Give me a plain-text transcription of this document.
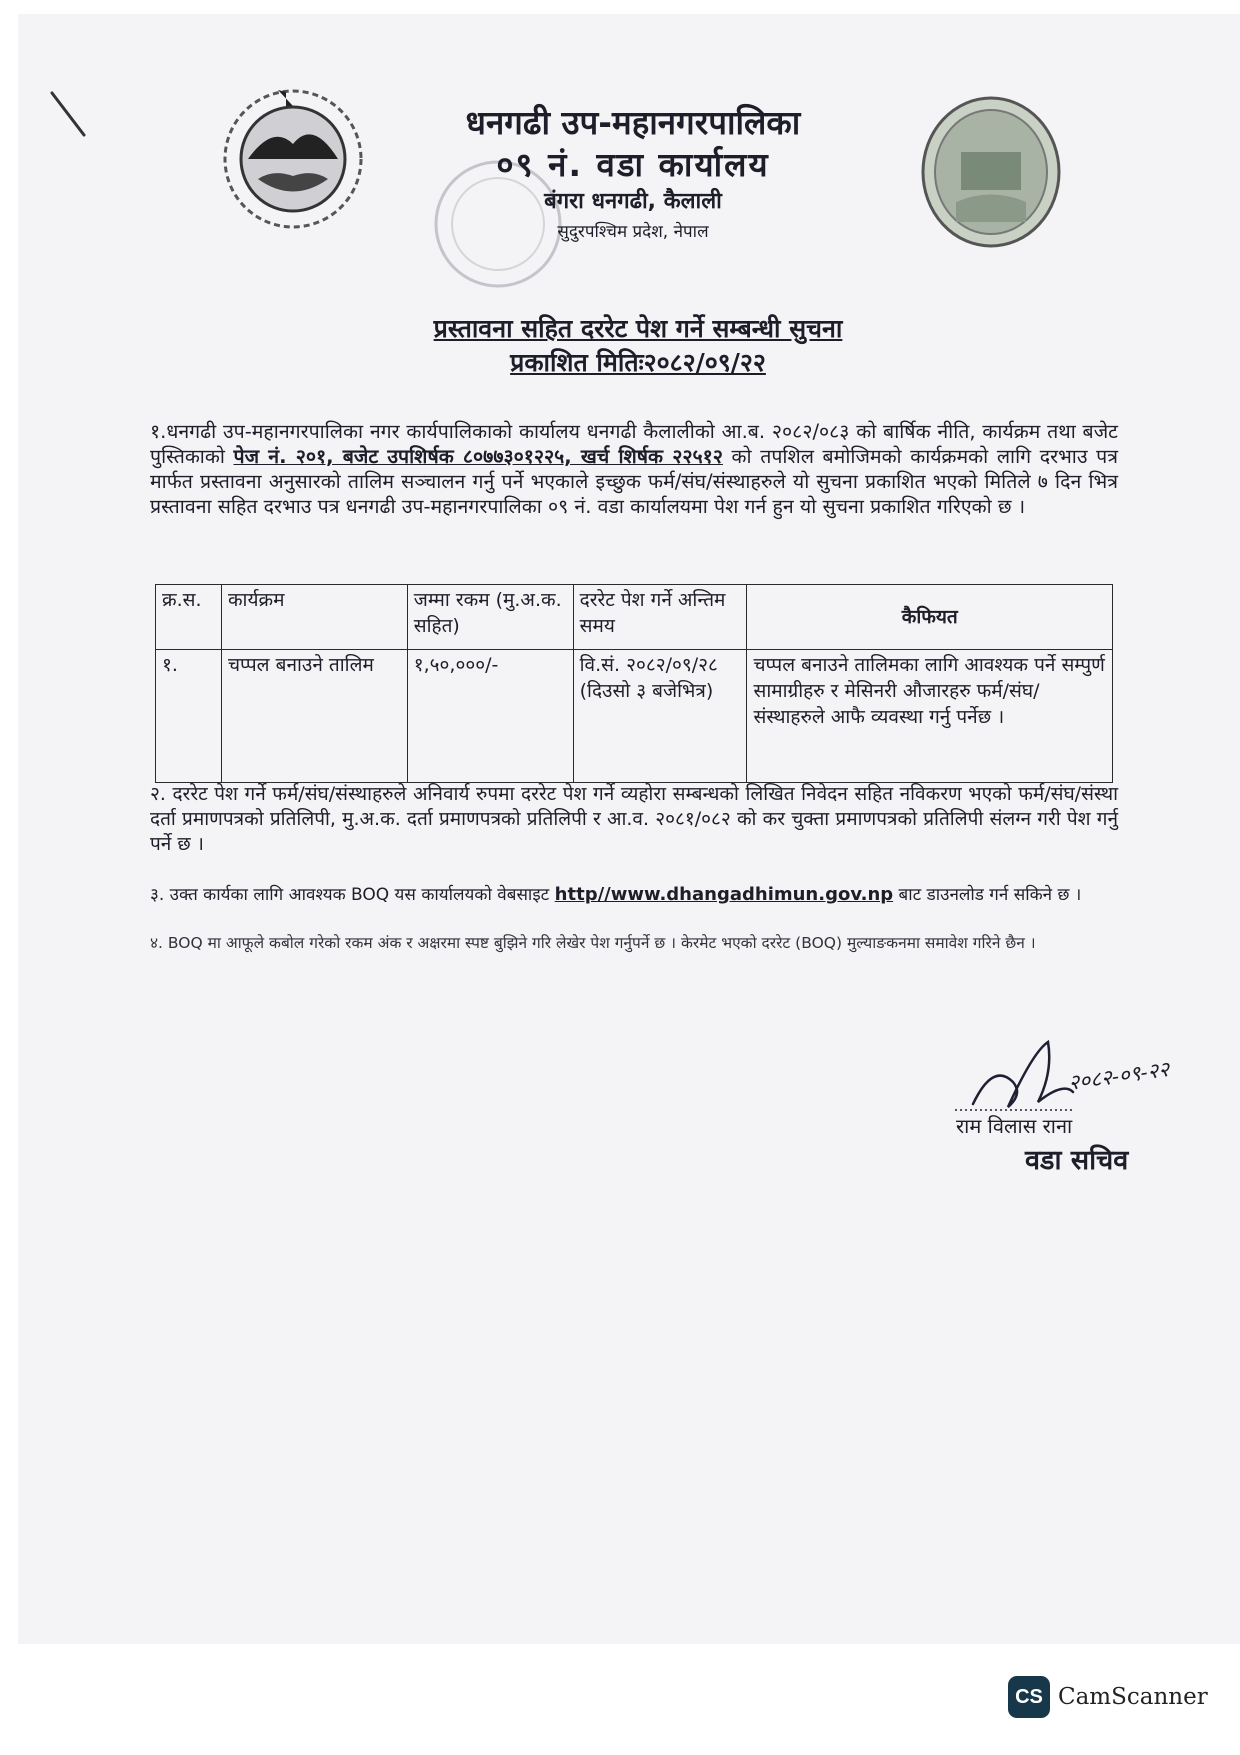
धनगढी उप-महानगरपालिका
०९ नं. वडा कार्यालय
बंगरा धनगढी, कैलाली
सुदुरपश्चिम प्रदेश, नेपाल
प्रस्तावना सहित दररेट पेश गर्ने सम्बन्धी सुचना
प्रकाशित मितिः२०८२/०९/२२
१.धनगढी उप-महानगरपालिका नगर कार्यपालिकाको कार्यालय धनगढी कैलालीको आ.ब. २०८२/०८३ को बार्षिक नीति, कार्यक्रम तथा बजेट पुस्तिकाको पेज नं. २०१, बजेट उपशिर्षक ८०७७३०१२२५, खर्च शिर्षक २२५१२ को तपशिल बमोजिमको कार्यक्रमको लागि दरभाउ पत्र मार्फत प्रस्तावना अनुसारको तालिम सञ्चालन गर्नु पर्ने भएकाले इच्छुक फर्म/संघ/संस्थाहरुले यो सुचना प्रकाशित भएको मितिले ७ दिन भित्र प्रस्तावना सहित दरभाउ पत्र धनगढी उप-महानगरपालिका ०९ नं. वडा कार्यालयमा पेश गर्न हुन यो सुचना प्रकाशित गरिएको छ ।
क्र.स.	कार्यक्रम	जम्मा रकम (मु.अ.क. सहित)	दररेट पेश गर्ने अन्तिम समय	कैफियत
१.	चप्पल बनाउने तालिम	१,५०,०००/-	वि.सं. २०८२/०९/२८ (दिउसो ३ बजेभित्र)	चप्पल बनाउने तालिमका लागि आवश्यक पर्ने सम्पुर्ण सामाग्रीहरु र मेसिनरी औजारहरु फर्म/संघ/संस्थाहरुले आफै व्यवस्था गर्नु पर्नेछ ।
२. दररेट पेश गर्ने फर्म/संघ/संस्थाहरुले अनिवार्य रुपमा दररेट पेश गर्ने व्यहोरा सम्बन्धको लिखित निवेदन सहित नविकरण भएको फर्म/संघ/संस्था दर्ता प्रमाणपत्रको प्रतिलिपी, मु.अ.क. दर्ता प्रमाणपत्रको प्रतिलिपी र आ.व. २०८१/०८२ को कर चुक्ता प्रमाणपत्रको प्रतिलिपी संलग्न गरी पेश गर्नु पर्ने छ ।
३. उक्त कार्यका लागि आवश्यक BOQ यस कार्यालयको वेबसाइट http//www.dhangadhimun.gov.np बाट डाउनलोड गर्न सकिने छ ।
४. BOQ मा आफूले कबोल गरेको रकम अंक र अक्षरमा स्पष्ट बुझिने गरि लेखेर पेश गर्नुपर्ने छ । केरमेट भएको दररेट (BOQ) मुल्याङकनमा समावेश गरिने छैन ।
२०८२-०९-२२
राम विलास राना
वडा सचिव
CS CamScanner
